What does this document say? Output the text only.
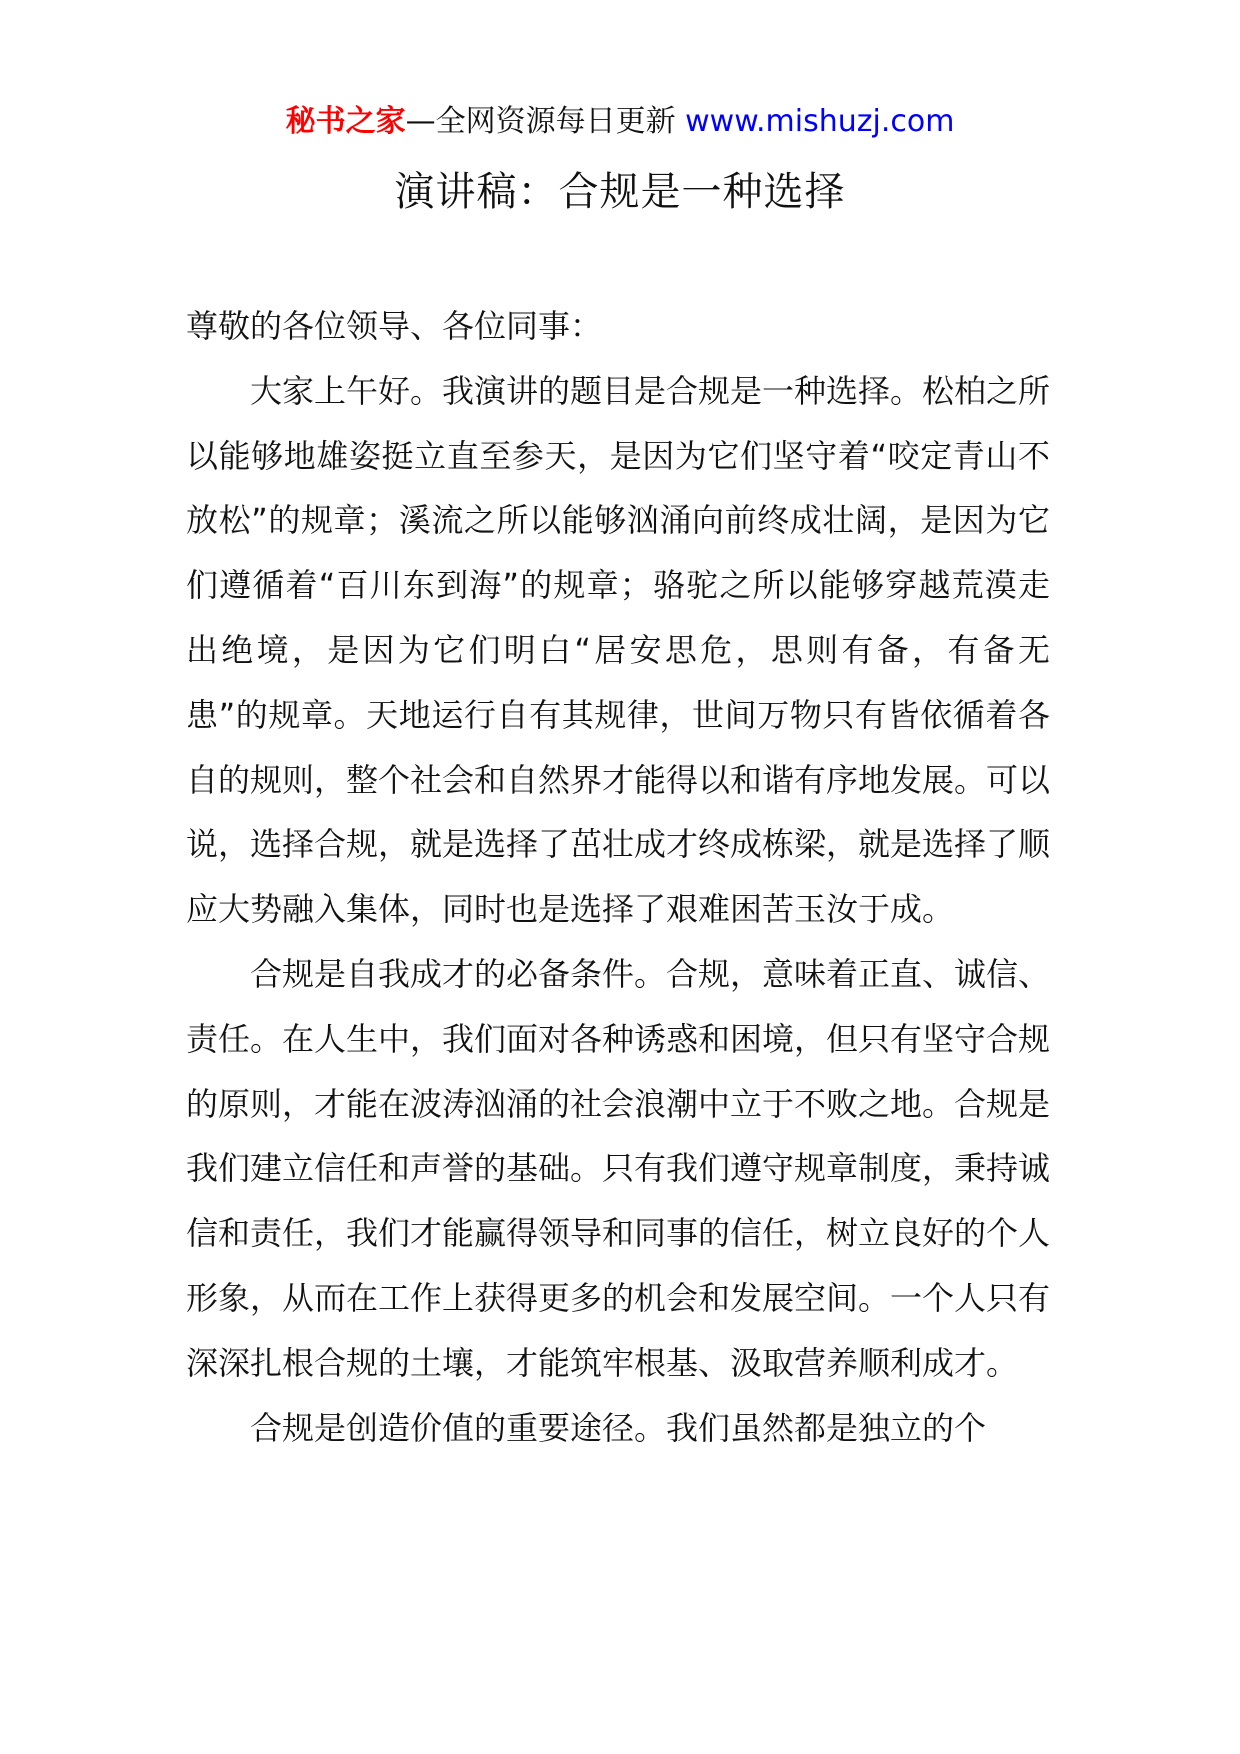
秘书之家—全网资源每日更新 www.mishuzj.com
演讲稿：合规是一种选择

尊敬的各位领导、各位同事：

大家上午好。我演讲的题目是合规是一种选择。松柏之所以能够地雄姿挺立直至参天，是因为它们坚守着“咬定青山不放松”的规章；溪流之所以能够汹涌向前终成壮阔，是因为它们遵循着“百川东到海”的规章；骆驼之所以能够穿越荒漠走出绝境，是因为它们明白“居安思危，思则有备，有备无患”的规章。天地运行自有其规律，世间万物只有皆依循着各自的规则，整个社会和自然界才能得以和谐有序地发展。可以说，选择合规，就是选择了茁壮成才终成栋梁，就是选择了顺应大势融入集体，同时也是选择了艰难困苦玉汝于成。

合规是自我成才的必备条件。合规，意味着正直、诚信、责任。在人生中，我们面对各种诱惑和困境，但只有坚守合规的原则，才能在波涛汹涌的社会浪潮中立于不败之地。合规是我们建立信任和声誉的基础。只有我们遵守规章制度，秉持诚信和责任，我们才能赢得领导和同事的信任，树立良好的个人形象，从而在工作上获得更多的机会和发展空间。一个人只有深深扎根合规的土壤，才能筑牢根基、汲取营养顺利成才。

合规是创造价值的重要途径。我们虽然都是独立的个
